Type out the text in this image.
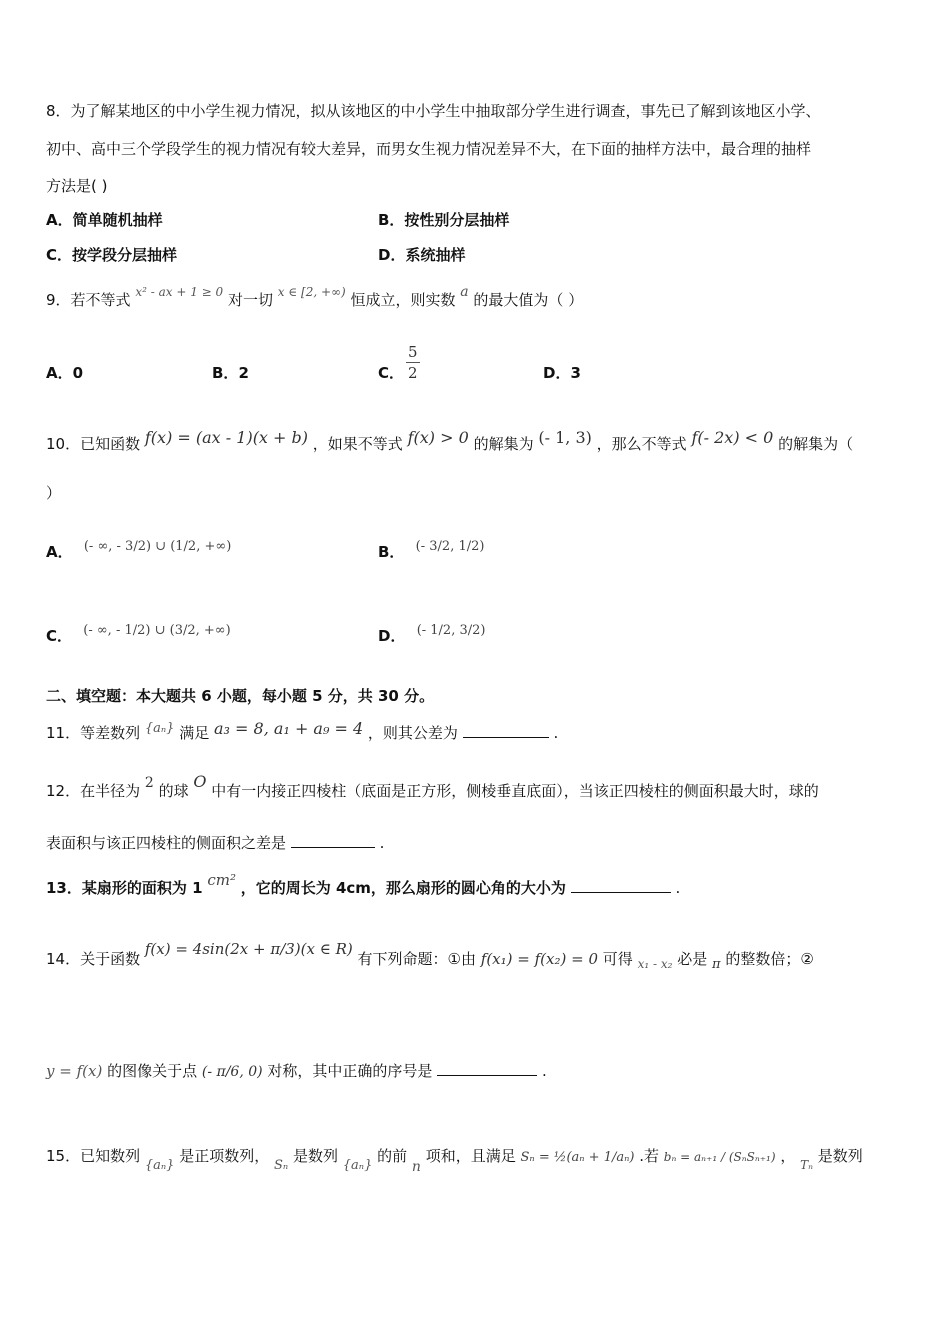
8．为了解某地区的中小学生视力情况，拟从该地区的中小学生中抽取部分学生进行调查，事先已了解到该地区小学、
初中、高中三个学段学生的视力情况有较大差异，而男女生视力情况差异不大，在下面的抽样方法中，最合理的抽样
方法是( )
A．简单随机抽样	B．按性别分层抽样
C．按学段分层抽样	D．系统抽样
9．若不等式 $^{x^2 - ax + 1 \ge 0}$ 对一切 $^{x \in [2, +\infty)}$ 恒成立，则实数 a 的最大值为（ ）
A．0	B．2	C． $\frac{5}{2}$	D．3
10．已知函数 f(x) = (ax - 1)(x + b) ，如果不等式 f(x) > 0 的解集为 (- 1, 3) ，那么不等式 f(- 2x) < 0 的解集为（
）
A． (- ∞, - 3/2) ∪ (1/2, +∞)	B． (- 3/2, 1/2)
C． (- ∞, - 1/2) ∪ (3/2, +∞)	D． (- 1/2, 3/2)
二、填空题：本大题共 6 小题，每小题 5 分，共 30 分。
11．等差数列 {aₙ} 满足 a₃ = 8, a₁ + a₉ = 4 ，则其公差为	.
12．在半径为 2 的球 O 中有一内接正四棱柱（底面是正方形，侧棱垂直底面），当该正四棱柱的侧面积最大时，球的
表面积与该正四棱柱的侧面积之差是	.
13．某扇形的面积为 1 cm² ，它的周长为 4cm，那么扇形的圆心角的大小为	.
14．关于函数 f(x) = 4sin(2x + π/3)(x ∈ R) 有下列命题：①由 f(x₁) = f(x₂) = 0 可得 $_{x_1 - x_2}$ 必是 π 的整数倍；②
y = f(x) 的图像关于点 (- π/6, 0) 对称，其中正确的序号是	.
15．已知数列 {aₙ} 是正项数列， Sₙ 是数列 {aₙ} 的前 n 项和，且满足 Sₙ = ½(aₙ + 1/aₙ) .若 bₙ = aₙ₊₁ / (SₙSₙ₊₁) ， $_{T_n}$ 是数列
